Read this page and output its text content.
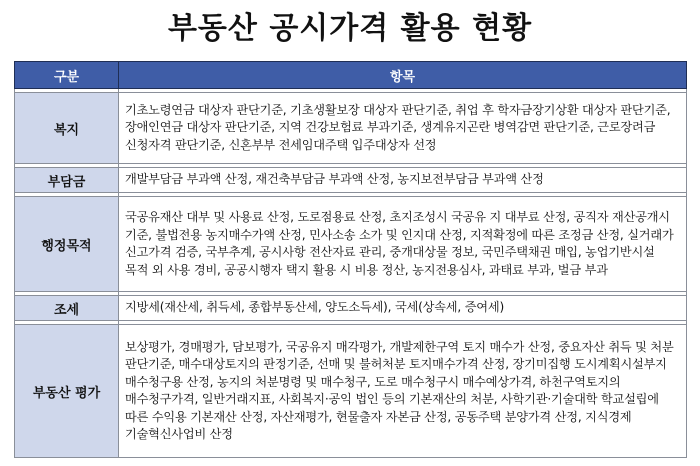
부동산 공시가격 활용 현황
구분	항목

복지	기초노령연금 대상자 판단기준, 기초생활보장 대상자 판단기준, 취업 후 학자금장기상환 대상자 판단기준, 장애인연금 대상자 판단기준, 지역 건강보험료 부과기준, 생계유지곤란 병역감면 판단기준, 근로장려금 신청자격 판단기준, 신혼부부 전세임대주택 입주대상자 선정

부담금	개발부담금 부과액 산정, 재건축부담금 부과액 산정, 농지보전부담금 부과액 산정

행정목적	국공유재산 대부 및 사용료 산정, 도로점용료 산정, 초지조성시 국공유 지 대부료 산정, 공직자 재산공개시 기준, 불법전용 농지매수가액 산정, 민사소송 소가 및 인지대 산정, 지적확정에 따른 조정금 산정, 실거래가 신고가격 검증, 국부추계, 공시사항 전산자료 관리, 중개대상물 정보, 국민주택채권 매입, 농업기반시설 목적 외 사용 경비, 공공시행자 택지 활용 시 비용 정산, 농지전용심사, 과태료 부과, 벌금 부과

조세	지방세(재산세, 취득세, 종합부동산세, 양도소득세), 국세(상속세, 증여세)

부동산 평가	보상평가, 경매평가, 담보평가, 국공유지 매각평가, 개발제한구역 토지 매수가 산정, 중요자산 취득 및 처분 판단기준, 매수대상토지의 판정기준, 선매 및 불허처분 토지매수가격 산정, 장기미집행 도시계획시설부지 매수청구용 산정, 농지의 처분명령 및 매수청구, 도로 매수청구시 매수예상가격, 하천구역토지의 매수청구가격, 일반거래지표, 사회복지·공익 법인 등의 기본재산의 처분, 사학기관·기술대학 학교설립에 따른 수익용 기본재산 산정, 자산재평가, 현물출자 자본금 산정, 공동주택 분양가격 산정, 지식경제 기술혁신사업비 산정
